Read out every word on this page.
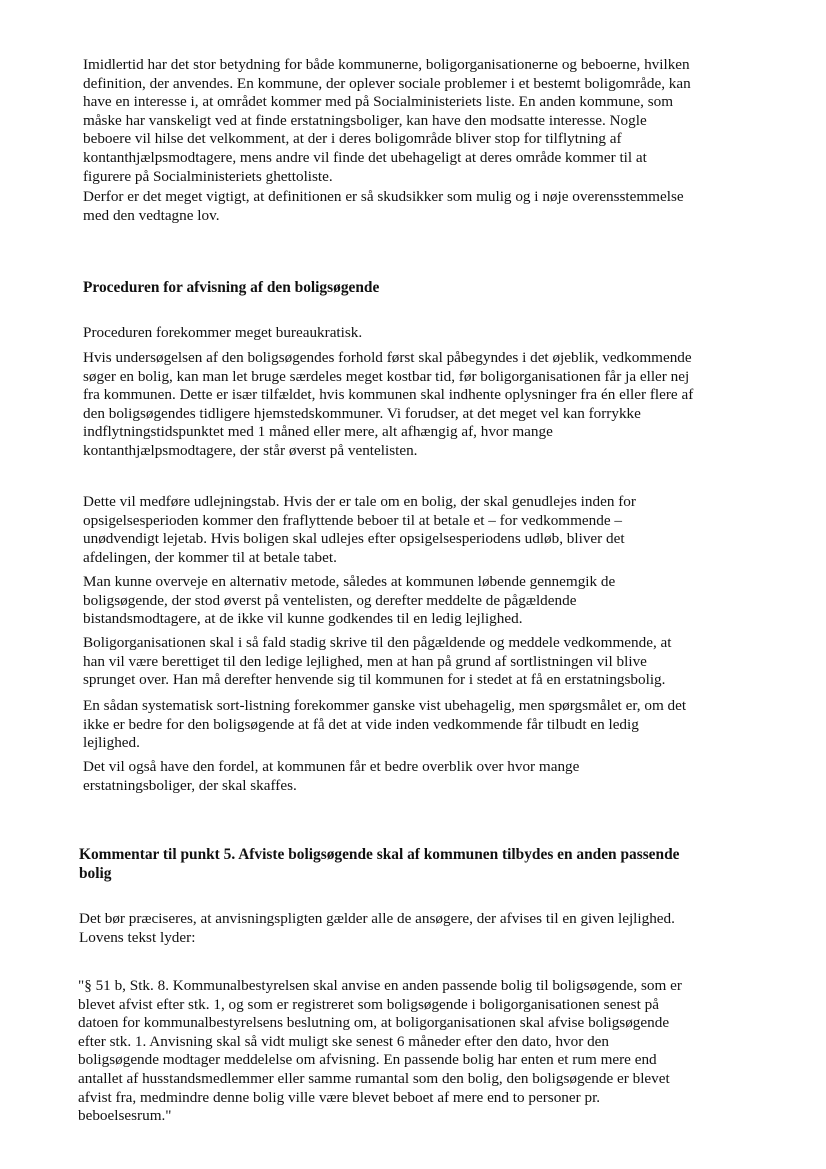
Imidlertid har det stor betydning for både kommunerne, boligorganisationerne og beboerne, hvilken
definition, der anvendes. En kommune, der oplever sociale problemer i et bestemt boligområde, kan
have en interesse i, at området kommer med på Socialministeriets liste. En anden kommune, som
måske har vanskeligt ved at finde erstatningsboliger, kan have den modsatte interesse. Nogle
beboere vil hilse det velkomment, at der i deres boligområde bliver stop for tilflytning af
kontanthjælpsmodtagere, mens andre vil finde det ubehageligt at deres område kommer til at
figurere på Socialministeriets ghettoliste.

Derfor er det meget vigtigt, at definitionen er så skudsikker som mulig og i nøje overensstemmelse
med den vedtagne lov.

Proceduren for afvisning af den boligsøgende

Proceduren forekommer meget bureaukratisk.

Hvis undersøgelsen af den boligsøgendes forhold først skal påbegyndes i det øjeblik, vedkommende
søger en bolig, kan man let bruge særdeles meget kostbar tid, før boligorganisationen får ja eller nej
fra kommunen. Dette er især tilfældet, hvis kommunen skal indhente oplysninger fra én eller flere af
den boligsøgendes tidligere hjemstedskommuner. Vi forudser, at det meget vel kan forrykke
indflytningstidspunktet med 1 måned eller mere, alt afhængig af, hvor mange
kontanthjælpsmodtagere, der står øverst på ventelisten.

Dette vil medføre udlejningstab. Hvis der er tale om en bolig, der skal genudlejes inden for
opsigelsesperioden kommer den fraflyttende beboer til at betale et – for vedkommende –
unødvendigt lejetab. Hvis boligen skal udlejes efter opsigelsesperiodens udløb, bliver det
afdelingen, der kommer til at betale tabet.

Man kunne overveje en alternativ metode, således at kommunen løbende gennemgik de
boligsøgende, der stod øverst på ventelisten, og derefter meddelte de pågældende
bistandsmodtagere, at de ikke vil kunne godkendes til en ledig lejlighed.

Boligorganisationen skal i så fald stadig skrive til den pågældende og meddele vedkommende, at
han vil være berettiget til den ledige lejlighed, men at han på grund af sortlistningen vil blive
sprunget over. Han må derefter henvende sig til kommunen for i stedet at få en erstatningsbolig.

En sådan systematisk sort-listning forekommer ganske vist ubehagelig, men spørgsmålet er, om det
ikke er bedre for den boligsøgende at få det at vide inden vedkommende får tilbudt en ledig
lejlighed.

Det vil også have den fordel, at kommunen får et bedre overblik over hvor mange
erstatningsboliger, der skal skaffes.

Kommentar til punkt 5. Afviste boligsøgende skal af kommunen tilbydes en anden passende
bolig

Det bør præciseres, at anvisningspligten gælder alle de ansøgere, der afvises til en given lejlighed.
Lovens tekst lyder:

"§ 51 b, Stk. 8. Kommunalbestyrelsen skal anvise en anden passende bolig til boligsøgende, som er
blevet afvist efter stk. 1, og som er registreret som boligsøgende i boligorganisationen senest på
datoen for kommunalbestyrelsens beslutning om, at boligorganisationen skal afvise boligsøgende
efter stk. 1. Anvisning skal så vidt muligt ske senest 6 måneder efter den dato, hvor den
boligsøgende modtager meddelelse om afvisning. En passende bolig har enten et rum mere end
antallet af husstandsmedlemmer eller samme rumantal som den bolig, den boligsøgende er blevet
afvist fra, medmindre denne bolig ville være blevet beboet af mere end to personer pr.
beboelsesrum."
